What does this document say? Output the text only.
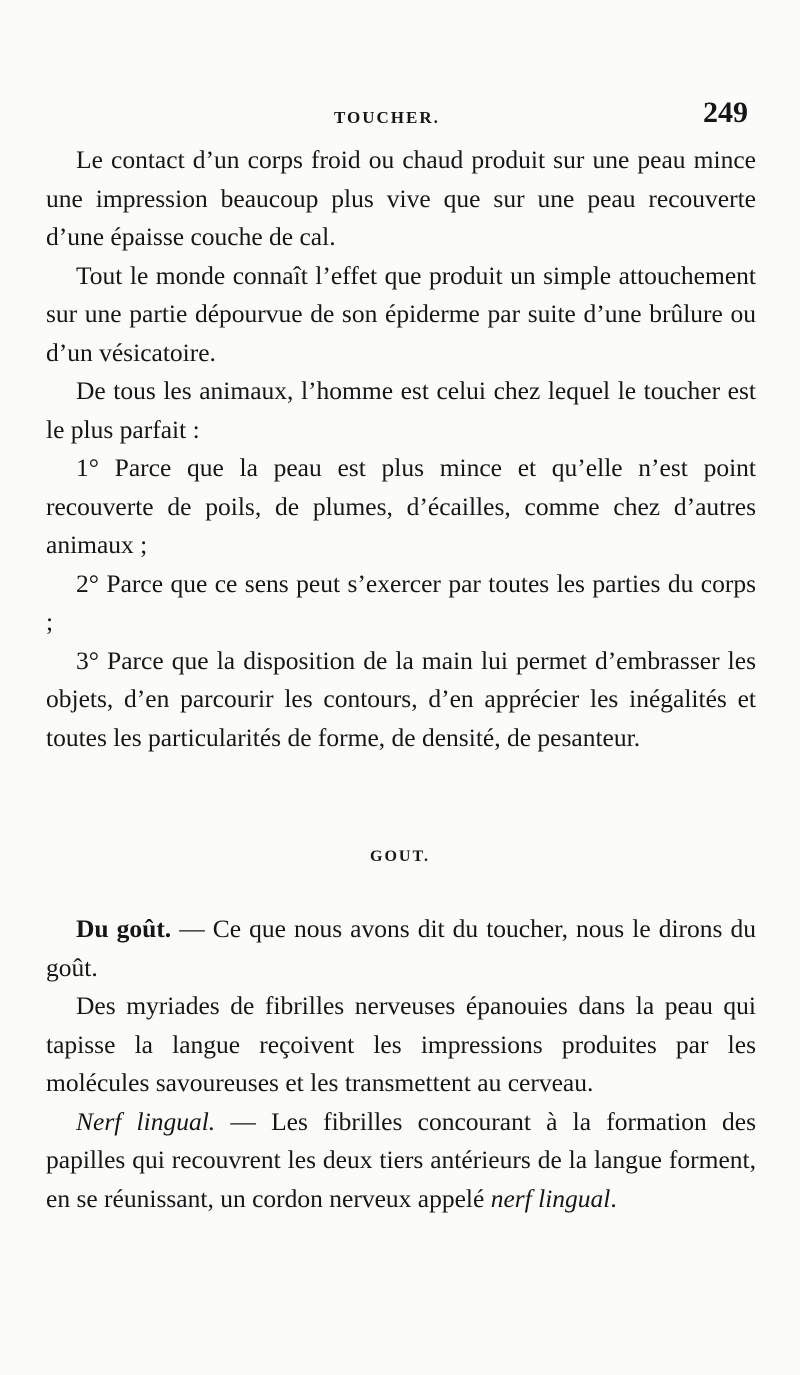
TOUCHER.	249

Le contact d’un corps froid ou chaud produit sur une peau mince une impression beaucoup plus vive que sur une peau recouverte d’une épaisse couche de cal.

Tout le monde connaît l’effet que produit un simple attouchement sur une partie dépourvue de son épiderme par suite d’une brûlure ou d’un vésicatoire.

De tous les animaux, l’homme est celui chez lequel le toucher est le plus parfait :

1° Parce que la peau est plus mince et qu’elle n’est point recouverte de poils, de plumes, d’écailles, comme chez d’autres animaux ;

2° Parce que ce sens peut s’exercer par toutes les parties du corps ;

3° Parce que la disposition de la main lui permet d’embrasser les objets, d’en parcourir les contours, d’en apprécier les inégalités et toutes les particularités de forme, de densité, de pesanteur.

GOUT.

Du goût. — Ce que nous avons dit du toucher, nous le dirons du goût.

Des myriades de fibrilles nerveuses épanouies dans la peau qui tapisse la langue reçoivent les impressions produites par les molécules savoureuses et les transmettent au cerveau.

Nerf lingual. — Les fibrilles concourant à la formation des papilles qui recouvrent les deux tiers antérieurs de la langue forment, en se réunissant, un cordon nerveux appelé nerf lingual.
